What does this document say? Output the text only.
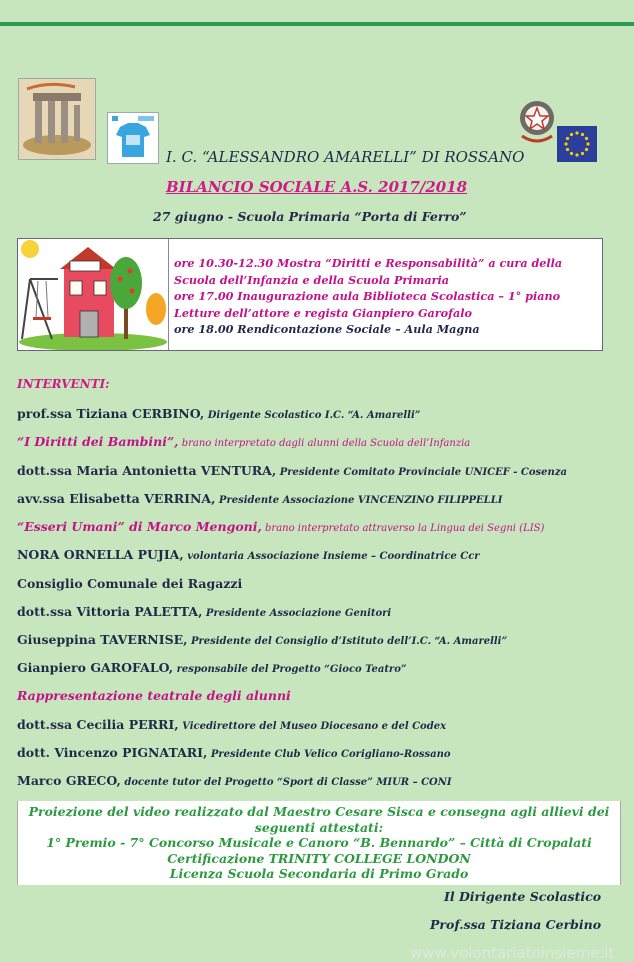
I. C. “ALESSANDRO AMARELLI” DI ROSSANO
BILANCIO SOCIALE A.S. 2017/2018
27 giugno - Scuola Primaria “Porta di Ferro”
ore 10.30-12.30 Mostra “Diritti e Responsabilità” a cura della
Scuola dell’Infanzia e della Scuola Primaria
ore 17.00 Inaugurazione aula Biblioteca Scolastica – 1° piano
Letture dell’attore e regista Gianpiero Garofalo
ore 18.00 Rendicontazione Sociale – Aula Magna
INTERVENTI:
prof.ssa Tiziana CERBINO, Dirigente Scolastico I.C. “A. Amarelli”
“I Diritti dei Bambini”, brano interpretato dagli alunni della Scuola dell’Infanzia
dott.ssa Maria Antonietta VENTURA, Presidente Comitato Provinciale UNICEF - Cosenza
avv.ssa Elisabetta VERRINA, Presidente Associazione VINCENZINO FILIPPELLI
“Esseri Umani” di Marco Mengoni, brano interpretato attraverso la Lingua dei Segni (LIS)
NORA ORNELLA PUJIA, volontaria Associazione Insieme – Coordinatrice Ccr
Consiglio Comunale dei Ragazzi
dott.ssa Vittoria PALETTA, Presidente Associazione Genitori
Giuseppina TAVERNISE, Presidente del Consiglio d’Istituto dell’I.C. “A. Amarelli”
Gianpiero GAROFALO, responsabile del Progetto “Gioco Teatro”
Rappresentazione teatrale degli alunni
dott.ssa Cecilia PERRI, Vicedirettore del Museo Diocesano e del Codex
dott. Vincenzo PIGNATARI, Presidente Club Velico Corigliano-Rossano
Marco GRECO, docente tutor del Progetto “Sport di Classe” MIUR – CONI
Proiezione del video realizzato dal Maestro Cesare Sisca e consegna agli allievi dei
seguenti attestati:
1° Premio - 7° Concorso Musicale e Canoro “B. Bennardo” – Città di Cropalati
Certificazione TRINITY COLLEGE LONDON
Licenza Scuola Secondaria di Primo Grado
Il Dirigente Scolastico
Prof.ssa Tiziana Cerbino
www.volontariatoinsieme.it
